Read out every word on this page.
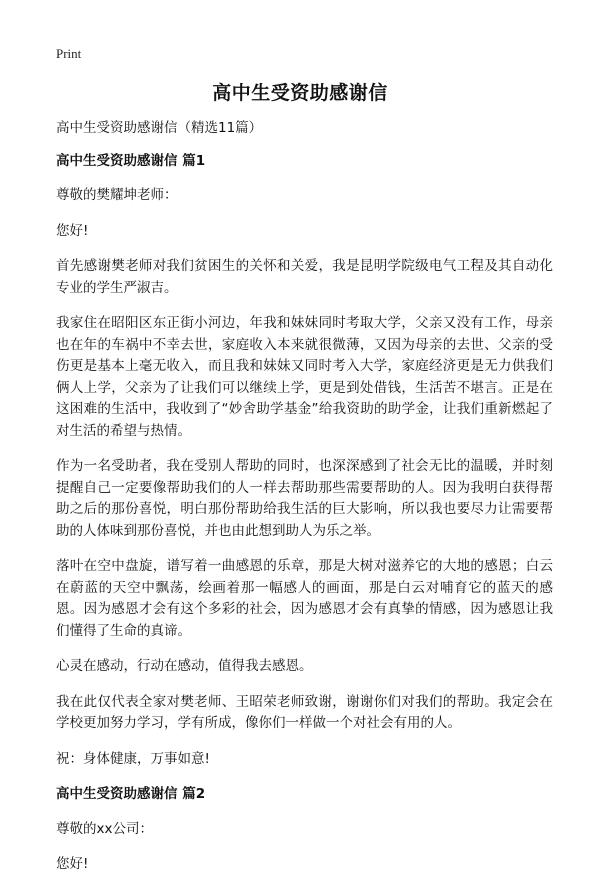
Print
高中生受资助感谢信

高中生受资助感谢信（精选11篇）

高中生受资助感谢信 篇1

尊敬的樊耀坤老师：

您好!

首先感谢樊老师对我们贫困生的关怀和关爱，我是昆明学院级电气工程及其自动化专业的学生严淑吉。

我家住在昭阳区东正街小河边，年我和妹妹同时考取大学，父亲又没有工作，母亲也在年的车祸中不幸去世，家庭收入本来就很微薄，又因为母亲的去世、父亲的受伤更是基本上毫无收入，而且我和妹妹又同时考入大学，家庭经济更是无力供我们俩人上学，父亲为了让我们可以继续上学，更是到处借钱，生活苦不堪言。正是在这困难的生活中，我收到了“妙舍助学基金”给我资助的助学金，让我们重新燃起了对生活的希望与热情。

作为一名受助者，我在受别人帮助的同时，也深深感到了社会无比的温暖，并时刻提醒自己一定要像帮助我们的人一样去帮助那些需要帮助的人。因为我明白获得帮助之后的那份喜悦，明白那份帮助给我生活的巨大影响，所以我也要尽力让需要帮助的人体味到那份喜悦，并也由此想到助人为乐之举。

落叶在空中盘旋，谱写着一曲感恩的乐章，那是大树对滋养它的大地的感恩；白云在蔚蓝的天空中飘荡，绘画着那一幅感人的画面，那是白云对哺育它的蓝天的感恩。因为感恩才会有这个多彩的社会，因为感恩才会有真挚的情感，因为感恩让我们懂得了生命的真谛。

心灵在感动，行动在感动，值得我去感恩。

我在此仅代表全家对樊老师、王昭荣老师致谢，谢谢你们对我们的帮助。我定会在学校更加努力学习，学有所成，像你们一样做一个对社会有用的人。

祝：身体健康，万事如意!

高中生受资助感谢信 篇2

尊敬的xx公司：

您好!
